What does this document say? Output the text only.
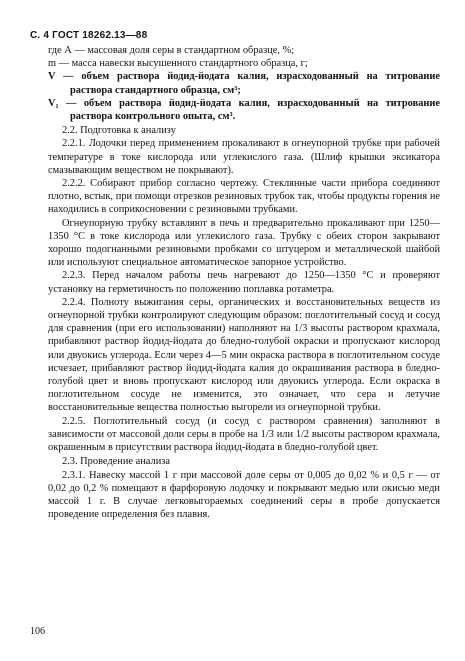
С. 4 ГОСТ 18262.13—88

где А — массовая доля серы в стандартном образце, %;

m — масса навески высушенного стандартного образца, г;

V — объем раствора йодид-йодата калия, израсходованный на титрование раствора стандартного образца, см³;

V₁ — объем раствора йодид-йодата калия, израсходованный на титрование раствора контрольного опыта, см³.

2.2. Подготовка к анализу

2.2.1. Лодочки перед применением прокаливают в огнеупорной трубке при рабочей температуре в токе кислорода или углекислого газа. (Шлиф крышки эксикатора смазывающим веществом не покрывают).

2.2.2. Собирают прибор согласно чертежу. Стеклянные части прибора соединяют плотно, встык, при помощи отрезков резиновых трубок так, чтобы продукты горения не находились в соприкосновении с резиновыми трубками.

Огнеупорную трубку вставляют в печь и предварительно прокаливают при 1250—1350 °С в токе кислорода или углекислого газа. Трубку с обеих сторон закрывают хорошо подогнанными резиновыми пробками со штуцером и металлической шайбой или используют специальное автоматическое запорное устройство.

2.2.3. Перед началом работы печь нагревают до 1250—1350 °С и проверяют установку на герметичность по положению поплавка ротаметра.

2.2.4. Полноту выжигания серы, органических и восстановительных веществ из огнеупорной трубки контролируют следующим образом: поглотительный сосуд и сосуд для сравнения (при его использовании) наполняют на 1/3 высоты раствором крахмала, прибавляют раствор йодид-йодата до бледно-голубой окраски и пропускают кислород или двуокись углерода. Если через 4—5 мин окраска раствора в поглотительном сосуде исчезает, прибавляют раствор йодид-йодата калия до окрашивания раствора в бледно-голубой цвет и вновь пропускают кислород или двуокись углерода. Если окраска в поглотительном сосуде не изменится, это означает, что сера и летучие восстановительные вещества полностью выгорели из огнеупорной трубки.

2.2.5. Поглотительный сосуд (и сосуд с раствором сравнения) заполняют в зависимости от массовой доли серы в пробе на 1/3 или 1/2 высоты раствором крахмала, окрашенным в присутствии раствора йодид-йодата в бледно-голубой цвет.

2.3. Проведение анализа

2.3.1. Навеску массой 1 г при массовой доле серы от 0,005 до 0,02 % и 0,5 г — от 0,02 до 0,2 % помещают в фарфоровую лодочку и покрывают медью или окисью меди массой 1 г. В случае легковыгораемых соединений серы в пробе допускается проведение определения без плавня.

106
